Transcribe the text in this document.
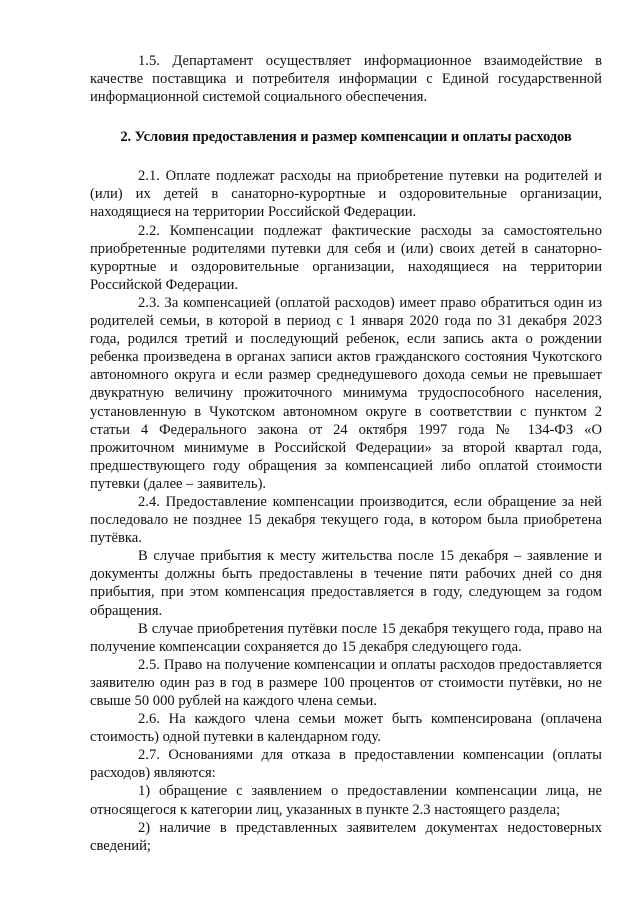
1.5. Департамент осуществляет информационное взаимодействие в качестве поставщика и потребителя информации с Единой государственной информационной системой социального обеспечения.

2. Условия предоставления и размер компенсации и оплаты расходов

2.1. Оплате подлежат расходы на приобретение путевки на родителей и (или) их детей в санаторно-курортные и оздоровительные организации, находящиеся на территории Российской Федерации.

2.2. Компенсации подлежат фактические расходы за самостоятельно приобретенные родителями путевки для себя и (или) своих детей в санаторно-курортные и оздоровительные организации, находящиеся на территории Российской Федерации.

2.3. За компенсацией (оплатой расходов) имеет право обратиться один из родителей семьи, в которой в период с 1 января 2020 года по 31 декабря 2023 года, родился третий и последующий ребенок, если запись акта о рождении ребенка произведена в органах записи актов гражданского состояния Чукотского автономного округа и если размер среднедушевого дохода семьи не превышает двукратную величину прожиточного минимума трудоспособного населения, установленную в Чукотском автономном округе в соответствии с пунктом 2 статьи 4 Федерального закона от 24 октября 1997 года № 134-ФЗ «О прожиточном минимуме в Российской Федерации» за второй квартал года, предшествующего году обращения за компенсацией либо оплатой стоимости путевки (далее – заявитель).

2.4. Предоставление компенсации производится, если обращение за ней последовало не позднее 15 декабря текущего года, в котором была приобретена путёвка.

В случае прибытия к месту жительства после 15 декабря – заявление и документы должны быть предоставлены в течение пяти рабочих дней со дня прибытия, при этом компенсация предоставляется в году, следующем за годом обращения.

В случае приобретения путёвки после 15 декабря текущего года, право на получение компенсации сохраняется до 15 декабря следующего года.

2.5. Право на получение компенсации и оплаты расходов предоставляется заявителю один раз в год в размере 100 процентов от стоимости путёвки, но не свыше 50 000 рублей на каждого члена семьи.

2.6. На каждого члена семьи может быть компенсирована (оплачена стоимость) одной путевки в календарном году.

2.7. Основаниями для отказа в предоставлении компенсации (оплаты расходов) являются:

1) обращение с заявлением о предоставлении компенсации лица, не относящегося к категории лиц, указанных в пункте 2.3 настоящего раздела;

2) наличие в представленных заявителем документах недостоверных сведений;
